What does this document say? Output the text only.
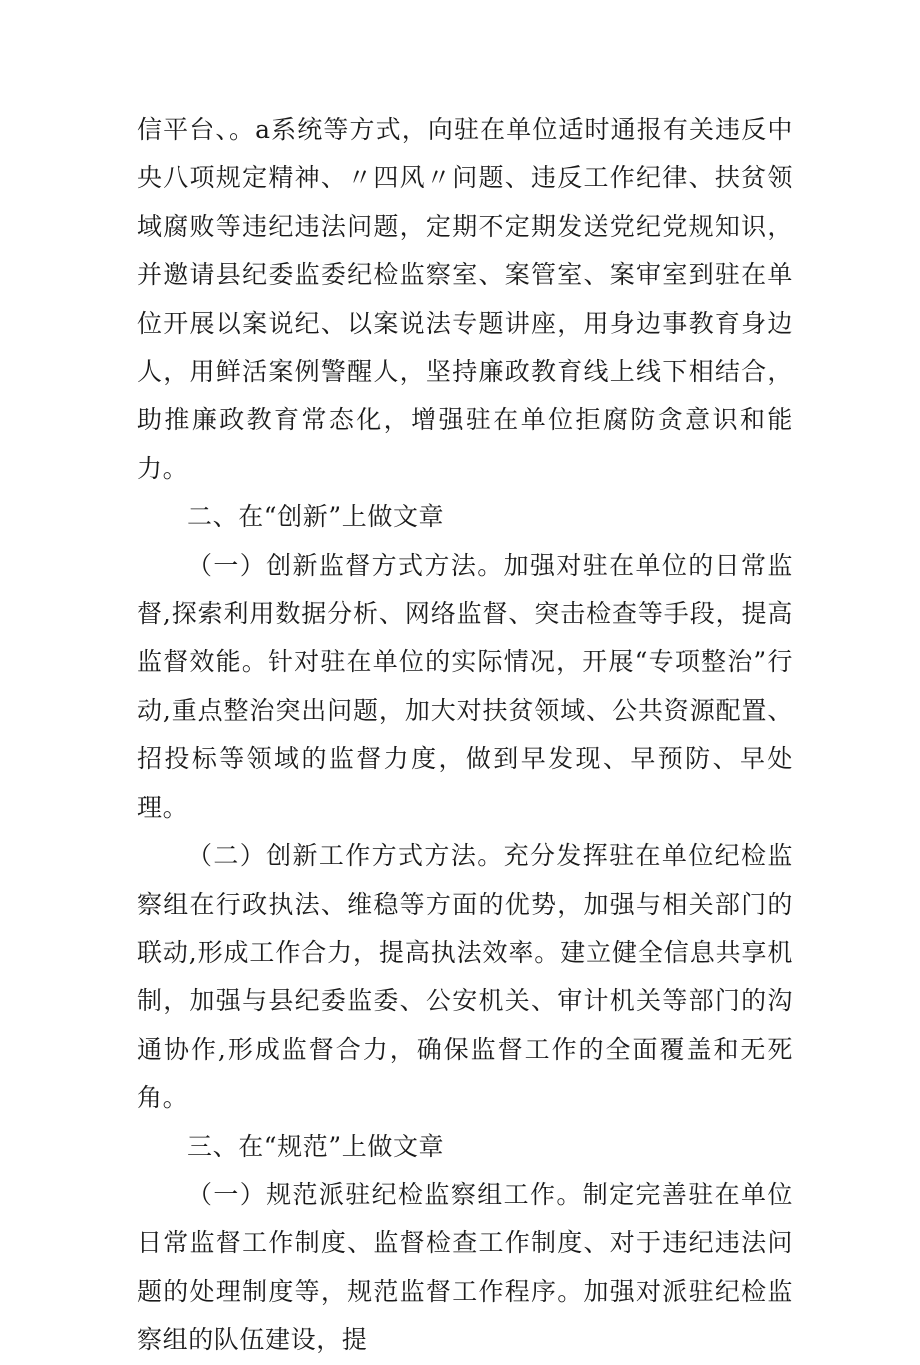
信平台、。a系统等方式，向驻在单位适时通报有关违反中央八项规定精神、〃四风〃问题、违反工作纪律、扶贫领域腐败等违纪违法问题，定期不定期发送党纪党规知识，并邀请县纪委监委纪检监察室、案管室、案审室到驻在单位开展以案说纪、以案说法专题讲座，用身边事教育身边人，用鲜活案例警醒人，坚持廉政教育线上线下相结合，助推廉政教育常态化，增强驻在单位拒腐防贪意识和能力。

二、在“创新”上做文章

（一）创新监督方式方法。加强对驻在单位的日常监督,探索利用数据分析、网络监督、突击检查等手段，提高监督效能。针对驻在单位的实际情况，开展“专项整治”行动,重点整治突出问题，加大对扶贫领域、公共资源配置、招投标等领域的监督力度，做到早发现、早预防、早处理。

（二）创新工作方式方法。充分发挥驻在单位纪检监察组在行政执法、维稳等方面的优势，加强与相关部门的联动,形成工作合力，提高执法效率。建立健全信息共享机制，加强与县纪委监委、公安机关、审计机关等部门的沟通协作,形成监督合力，确保监督工作的全面覆盖和无死角。

三、在“规范”上做文章

（一）规范派驻纪检监察组工作。制定完善驻在单位日常监督工作制度、监督检查工作制度、对于违纪违法问题的处理制度等，规范监督工作程序。加强对派驻纪检监察组的队伍建设，提
